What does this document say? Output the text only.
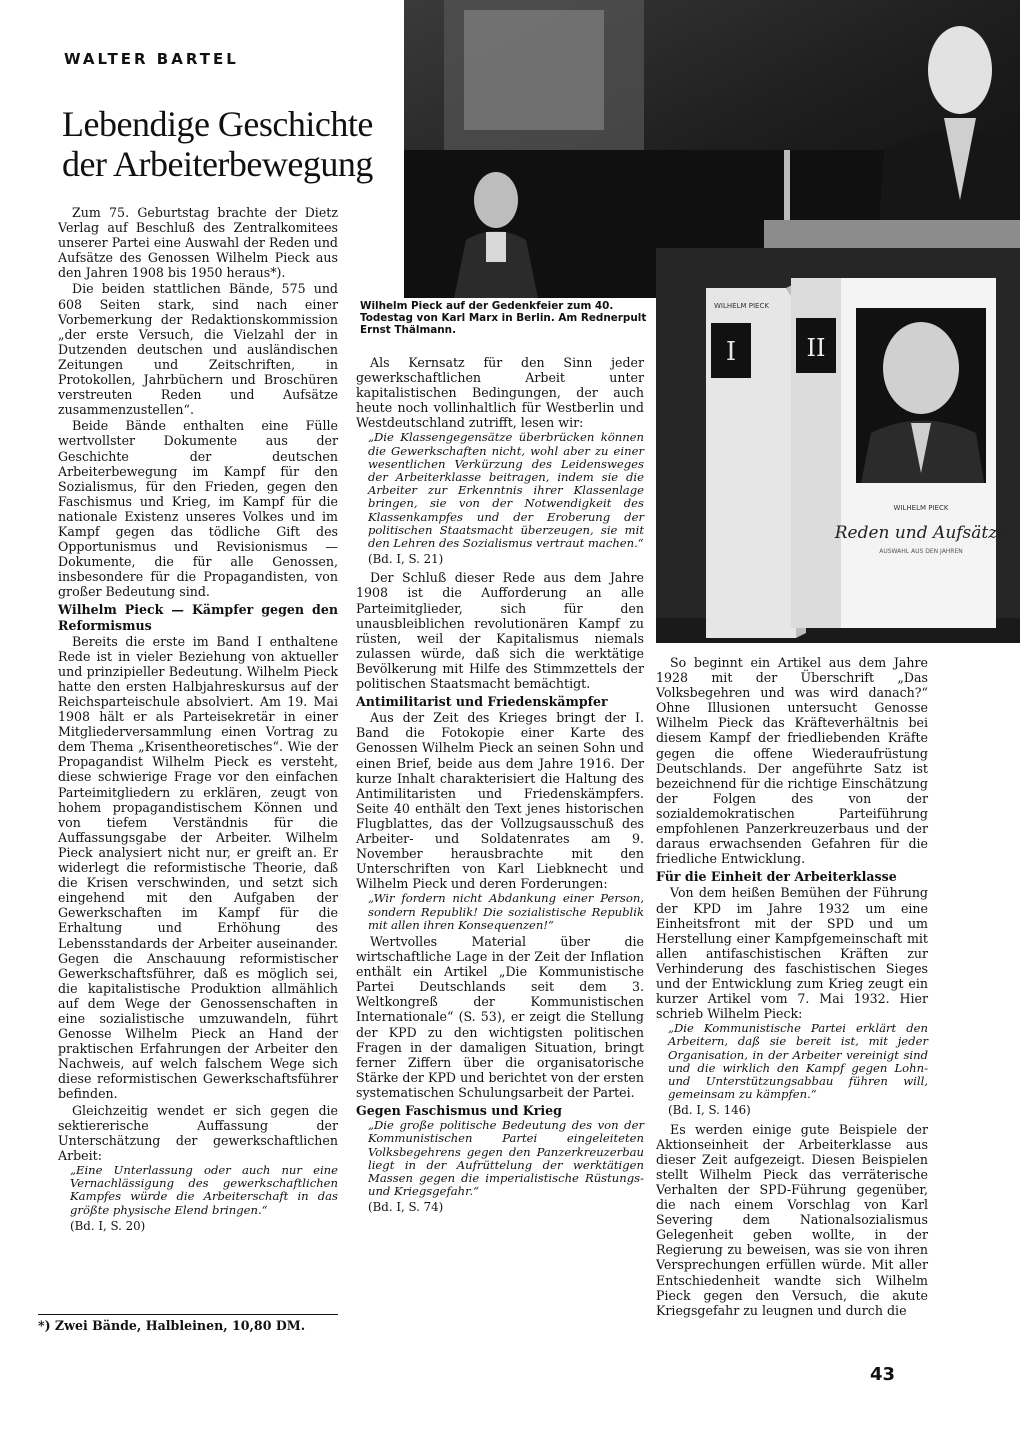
WALTER BARTEL
Lebendige Geschichte
der Arbeiterbewegung
Wilhelm Pieck auf der Gedenkfeier zum 40. Todestag von Karl Marx in Berlin. Am Rednerpult Ernst Thälmann.
I
WILHELM PIECK
II
WILHELM PIECK
Reden und Aufsätze
AUSWAHL AUS DEN JAHREN

Zum 75. Geburtstag brachte der Dietz Verlag auf Beschluß des Zentralkomitees unserer Partei eine Auswahl der Reden und Aufsätze des Genossen Wilhelm Pieck aus den Jahren 1908 bis 1950 heraus*).

Die beiden stattlichen Bände, 575 und 608 Seiten stark, sind nach einer Vorbemerkung der Redaktionskommission „der erste Versuch, die Vielzahl der in Dutzenden deutschen und ausländischen Zeitungen und Zeitschriften, in Protokollen, Jahrbüchern und Broschüren verstreuten Reden und Aufsätze zusammenzustellen“.

Beide Bände enthalten eine Fülle wertvollster Dokumente aus der Geschichte der deutschen Arbeiterbewegung im Kampf für den Sozialismus, für den Frieden, gegen den Faschismus und Krieg, im Kampf für die nationale Existenz unseres Volkes und im Kampf gegen das tödliche Gift des Opportunismus und Revisionismus — Dokumente, die für alle Genossen, insbesondere für die Propagandisten, von großer Bedeutung sind.

Wilhelm Pieck — Kämpfer gegen den Reformismus

Bereits die erste im Band I enthaltene Rede ist in vieler Beziehung von aktueller und prinzipieller Bedeutung. Wilhelm Pieck hatte den ersten Halbjahreskursus auf der Reichsparteischule absolviert. Am 19. Mai 1908 hält er als Parteisekretär in einer Mitgliederversammlung einen Vortrag zu dem Thema „Krisentheoretisches“. Wie der Propagandist Wilhelm Pieck es versteht, diese schwierige Frage vor den einfachen Parteimitgliedern zu erklären, zeugt von hohem propagandistischem Können und von tiefem Verständnis für die Auffassungsgabe der Arbeiter. Wilhelm Pieck analysiert nicht nur, er greift an. Er widerlegt die reformistische Theorie, daß die Krisen verschwinden, und setzt sich eingehend mit den Aufgaben der Gewerkschaften im Kampf für die Erhaltung und Erhöhung des Lebensstandards der Arbeiter auseinander. Gegen die Anschauung reformistischer Gewerkschaftsführer, daß es möglich sei, die kapitalistische Produktion allmählich auf dem Wege der Genossenschaften in eine sozialistische umzuwandeln, führt Genosse Wilhelm Pieck an Hand der praktischen Erfahrungen der Arbeiter den Nachweis, auf welch falschem Wege sich diese reformistischen Gewerkschaftsführer befinden.

Gleichzeitig wendet er sich gegen die sektiererische Auffassung der Unterschätzung der gewerkschaftlichen Arbeit:

„Eine Unterlassung oder auch nur eine Vernachlässigung des gewerkschaftlichen Kampfes würde die Arbeiterschaft in das größte physische Elend bringen.“
(Bd. I, S. 20)
*) Zwei Bände, Halbleinen, 10,80 DM.

Als Kernsatz für den Sinn jeder gewerkschaftlichen Arbeit unter kapitalistischen Bedingungen, der auch heute noch vollinhaltlich für Westberlin und Westdeutschland zutrifft, lesen wir:

„Die Klassengegensätze überbrücken können die Gewerkschaften nicht, wohl aber zu einer wesentlichen Verkürzung des Leidensweges der Arbeiterklasse beitragen, indem sie die Arbeiter zur Erkenntnis ihrer Klassenlage bringen, sie von der Notwendigkeit des Klassenkampfes und der Eroberung der politischen Staatsmacht überzeugen, sie mit den Lehren des Sozialismus vertraut machen.“
(Bd. I, S. 21)

Der Schluß dieser Rede aus dem Jahre 1908 ist die Aufforderung an alle Parteimitglieder, sich für den unausbleiblichen revolutionären Kampf zu rüsten, weil der Kapitalismus niemals zulassen würde, daß sich die werktätige Bevölkerung mit Hilfe des Stimmzettels der politischen Staatsmacht bemächtigt.

Antimilitarist und Friedenskämpfer

Aus der Zeit des Krieges bringt der I. Band die Fotokopie einer Karte des Genossen Wilhelm Pieck an seinen Sohn und einen Brief, beide aus dem Jahre 1916. Der kurze Inhalt charakterisiert die Haltung des Antimilitaristen und Friedenskämpfers. Seite 40 enthält den Text jenes historischen Flugblattes, das der Vollzugsausschuß des Arbeiter- und Soldatenrates am 9. November herausbrachte mit den Unterschriften von Karl Liebknecht und Wilhelm Pieck und deren Forderungen:

„Wir fordern nicht Abdankung einer Person, sondern Republik! Die sozialistische Republik mit allen ihren Konsequenzen!“

Wertvolles Material über die wirtschaftliche Lage in der Zeit der Inflation enthält ein Artikel „Die Kommunistische Partei Deutschlands seit dem 3. Weltkongreß der Kommunistischen Internationale“ (S. 53), er zeigt die Stellung der KPD zu den wichtigsten politischen Fragen in der damaligen Situation, bringt ferner Ziffern über die organisatorische Stärke der KPD und berichtet von der ersten systematischen Schulungsarbeit der Partei.

Gegen Faschismus und Krieg
„Die große politische Bedeutung des von der Kommunistischen Partei eingeleiteten Volksbegehrens gegen den Panzerkreuzerbau liegt in der Aufrüttelung der werktätigen Massen gegen die imperialistische Rüstungs- und Kriegsgefahr.“
(Bd. I, S. 74)

So beginnt ein Artikel aus dem Jahre 1928 mit der Überschrift „Das Volksbegehren und was wird danach?“ Ohne Illusionen untersucht Genosse Wilhelm Pieck das Kräfteverhältnis bei diesem Kampf der friedliebenden Kräfte gegen die offene Wiederaufrüstung Deutschlands. Der angeführte Satz ist bezeichnend für die richtige Einschätzung der Folgen des von der sozialdemokratischen Parteiführung empfohlenen Panzerkreuzerbaus und der daraus erwachsenden Gefahren für die friedliche Entwicklung.

Für die Einheit der Arbeiterklasse

Von dem heißen Bemühen der Führung der KPD im Jahre 1932 um eine Einheitsfront mit der SPD und um Herstellung einer Kampfgemeinschaft mit allen antifaschistischen Kräften zur Verhinderung des faschistischen Sieges und der Entwicklung zum Krieg zeugt ein kurzer Artikel vom 7. Mai 1932. Hier schrieb Wilhelm Pieck:

„Die Kommunistische Partei erklärt den Arbeitern, daß sie bereit ist, mit jeder Organisation, in der Arbeiter vereinigt sind und die wirklich den Kampf gegen Lohn- und Unterstützungsabbau führen will, gemeinsam zu kämpfen.“
(Bd. I, S. 146)

Es werden einige gute Beispiele der Aktionseinheit der Arbeiterklasse aus dieser Zeit aufgezeigt. Diesen Beispielen stellt Wilhelm Pieck das verräterische Verhalten der SPD-Führung gegenüber, die nach einem Vorschlag von Karl Severing dem Nationalsozialismus Gelegenheit geben wollte, in der Regierung zu beweisen, was sie von ihren Versprechungen erfüllen würde. Mit aller Entschiedenheit wandte sich Wilhelm Pieck gegen den Versuch, die akute Kriegsgefahr zu leugnen und durch die

43
